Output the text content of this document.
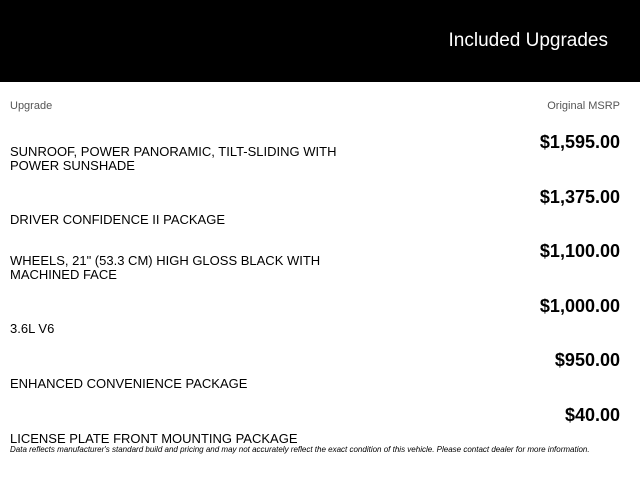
Included Upgrades
Upgrade	Original MSRP
SUNROOF, POWER PANORAMIC, TILT-SLIDING WITH POWER SUNSHADE
$1,595.00
DRIVER CONFIDENCE II PACKAGE
$1,375.00
WHEELS, 21" (53.3 CM) HIGH GLOSS BLACK WITH MACHINED FACE
$1,100.00
3.6L V6
$1,000.00
ENHANCED CONVENIENCE PACKAGE
$950.00
LICENSE PLATE FRONT MOUNTING PACKAGE
$40.00
Data reflects manufacturer's standard build and pricing and may not accurately reflect the exact condition of this vehicle. Please contact dealer for more information.
